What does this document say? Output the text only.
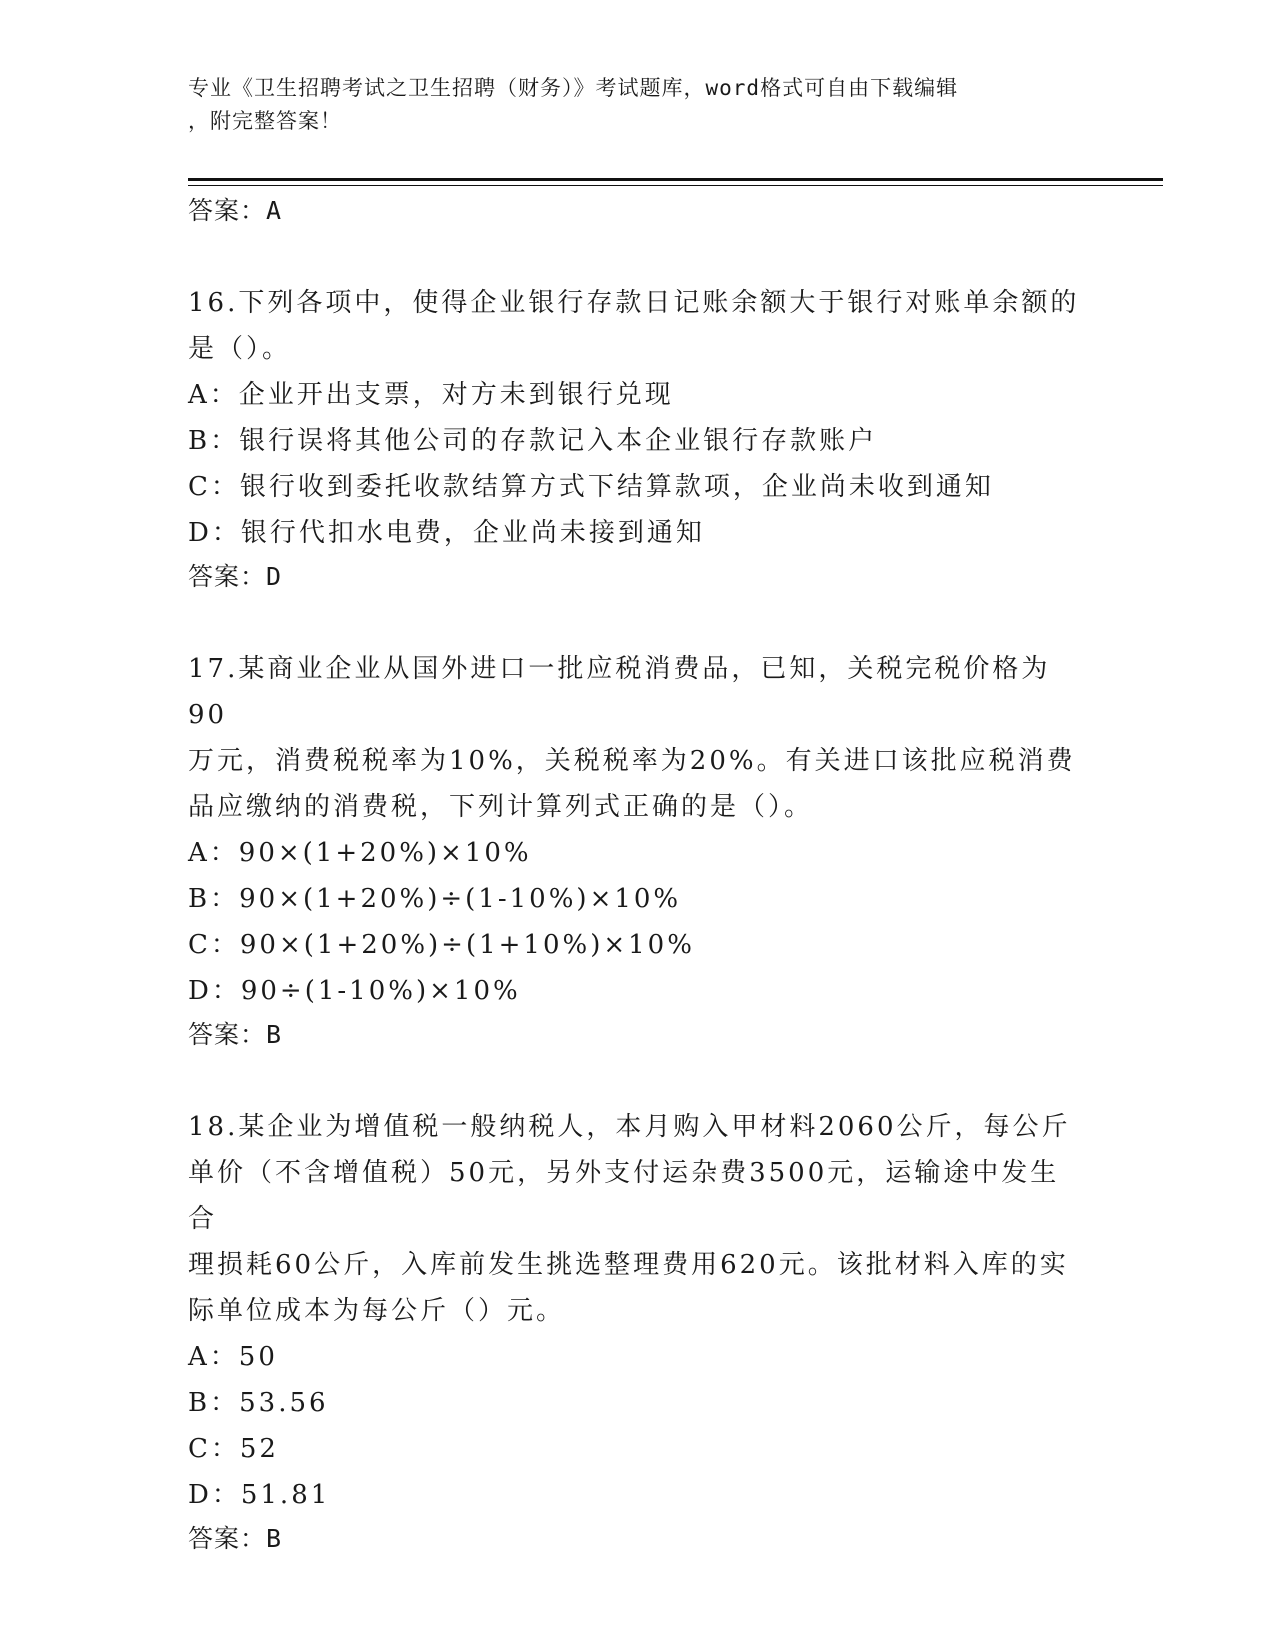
专业《卫生招聘考试之卫生招聘（财务）》考试题库，word格式可自由下载编辑
，附完整答案！
答案：A
16.下列各项中，使得企业银行存款日记账余额大于银行对账单余额的
是（）。
A：企业开出支票，对方未到银行兑现
B：银行误将其他公司的存款记入本企业银行存款账户
C：银行收到委托收款结算方式下结算款项，企业尚未收到通知
D：银行代扣水电费，企业尚未接到通知
答案：D
17.某商业企业从国外进口一批应税消费品，已知，关税完税价格为90
万元，消费税税率为10%，关税税率为20%。有关进口该批应税消费
品应缴纳的消费税，下列计算列式正确的是（）。
A：90×(1+20%)×10%
B：90×(1+20%)÷(1-10%)×10%
C：90×(1+20%)÷(1+10%)×10%
D：90÷(1-10%)×10%
答案：B
18.某企业为增值税一般纳税人，本月购入甲材料2060公斤，每公斤
单价（不含增值税）50元，另外支付运杂费3500元，运输途中发生合
理损耗60公斤，入库前发生挑选整理费用620元。该批材料入库的实
际单位成本为每公斤（）元。
A：50
B：53.56
C：52
D：51.81
答案：B
